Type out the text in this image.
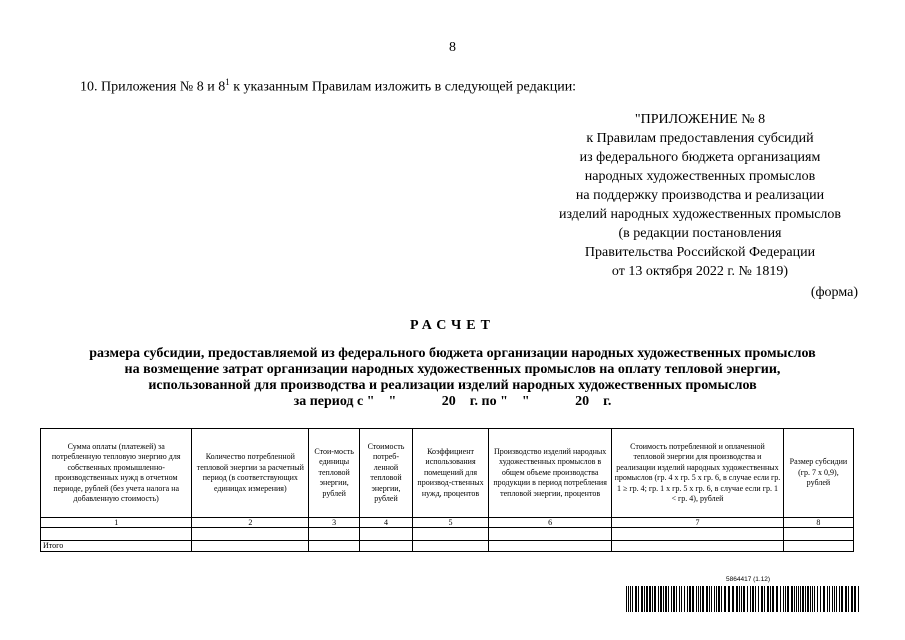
8
10. Приложения № 8 и $8^1$ к указанным Правилам изложить в следующей редакции:
"ПРИЛОЖЕНИЕ № 8
к Правилам предоставления субсидий
из федерального бюджета организациям
народных художественных промыслов
на поддержку производства и реализации
изделий народных художественных промыслов
(в редакции постановления
Правительства Российской Федерации
от 13 октября 2022 г. № 1819)
(форма)
РАСЧЕТ
размера субсидии, предоставляемой из федерального бюджета организации народных художественных промыслов
на возмещение затрат организации народных художественных промыслов на оплату тепловой энергии,
использованной для производства и реализации изделий народных художественных промыслов
за период с "    "             20    г. по "    "             20    г.
Сумма оплаты (платежей) за потребленную тепловую энергию для собственных промышленно-производственных нужд в отчетном периоде, рублей (без учета налога на добавленную стоимость)	Количество потребленной тепловой энергии за расчетный период (в соответствующих единицах измерения)	Стои-мость единицы тепловой энергии, рублей	Стоимость потреб-ленной тепловой энергии, рублей	Коэффициент использования помещений для производ-ственных нужд, процентов	Производство изделий народных художественных промыслов в общем объеме производства продукции в период потребления тепловой энергии, процентов	Стоимость потребленной и оплаченной тепловой энергии для производства и реализации изделий народных художественных промыслов (гр. 4 x гр. 5 x гр. 6, в случае если гр. 1 ≥ гр. 4; гр. 1 x гр. 5 x гр. 6, в случае если гр. 1 < гр. 4), рублей	Размер субсидии (гр. 7 x 0,9), рублей
1	2	3	4	5	6	7	8

Итого							
5864417 (1.12)
